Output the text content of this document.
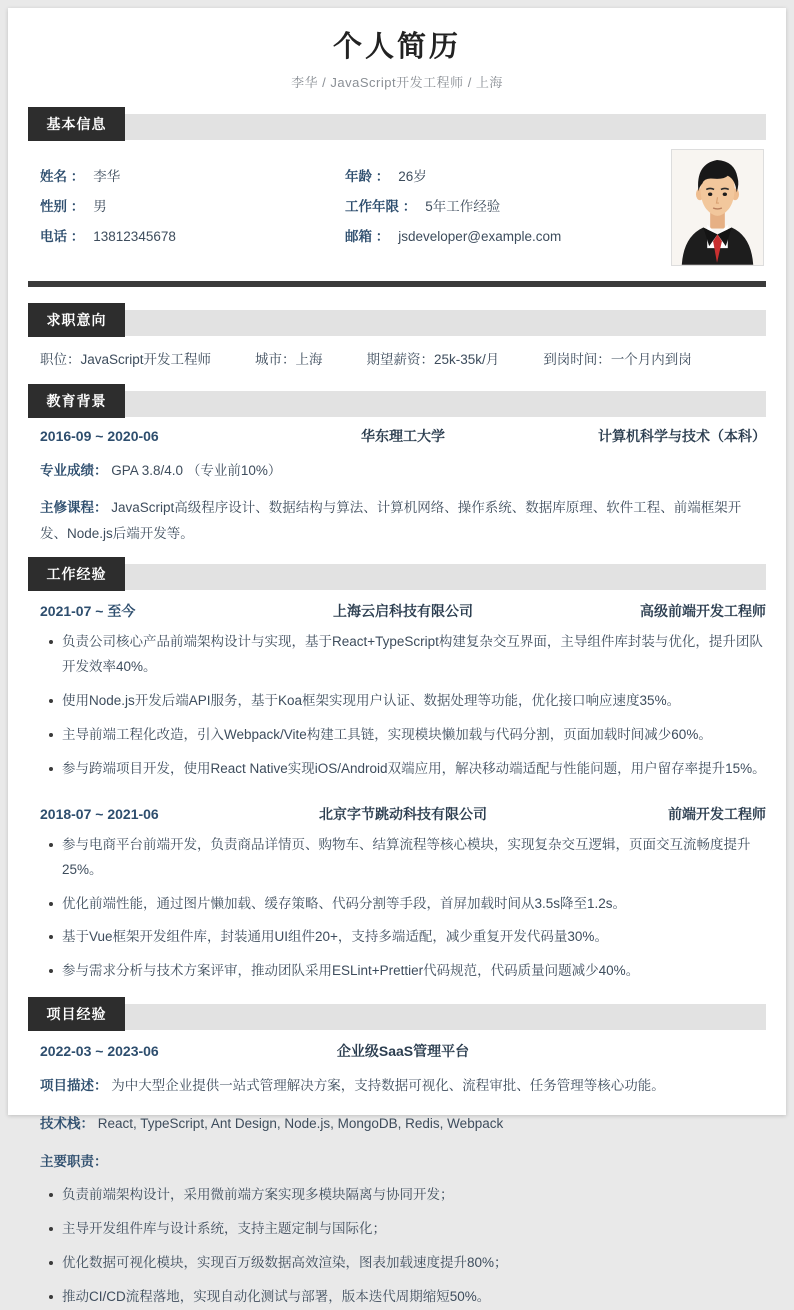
个人简历
李华 / JavaScript开发工程师 / 上海
基本信息
姓名 ： 李华	年龄 ： 26岁
性别 ： 男	工作年限 ： 5年工作经验
电话 ： 13812345678	邮箱 ： jsdeveloper@example.com
求职意向
职位： JavaScript开发工程师	城市： 上海	期望薪资： 25k-35k/月	到岗时间： 一个月内到岗
教育背景
2016-09 ~ 2020-06	华东理工大学	计算机科学与技术（本科）

专业成绩： GPA 3.8/4.0 （专业前10%）

主修课程： JavaScript高级程序设计、数据结构与算法、计算机网络、操作系统、数据库原理、软件工程、前端框架开发、Node.js后端开发等。

工作经验
2021-07 ~ 至今	上海云启科技有限公司	高级前端开发工程师
负责公司核心产品前端架构设计与实现，基于React+TypeScript构建复杂交互界面，主导组件库封装与优化，提升团队开发效率40%。
使用Node.js开发后端API服务，基于Koa框架实现用户认证、数据处理等功能，优化接口响应速度35%。
主导前端工程化改造，引入Webpack/Vite构建工具链，实现模块懒加载与代码分割，页面加载时间减少60%。
参与跨端项目开发，使用React Native实现iOS/Android双端应用，解决移动端适配与性能问题，用户留存率提升15%。
2018-07 ~ 2021-06	北京字节跳动科技有限公司	前端开发工程师
参与电商平台前端开发，负责商品详情页、购物车、结算流程等核心模块，实现复杂交互逻辑，页面交互流畅度提升25%。
优化前端性能，通过图片懒加载、缓存策略、代码分割等手段，首屏加载时间从3.5s降至1.2s。
基于Vue框架开发组件库，封装通用UI组件20+，支持多端适配，减少重复开发代码量30%。
参与需求分析与技术方案评审，推动团队采用ESLint+Prettier代码规范，代码质量问题减少40%。
项目经验
2022-03 ~ 2023-06	企业级SaaS管理平台

项目描述： 为中大型企业提供一站式管理解决方案，支持数据可视化、流程审批、任务管理等核心功能。

技术栈： React, TypeScript, Ant Design, Node.js, MongoDB, Redis, Webpack

主要职责：

负责前端架构设计，采用微前端方案实现多模块隔离与协同开发；
主导开发组件库与设计系统，支持主题定制与国际化；
优化数据可视化模块，实现百万级数据高效渲染，图表加载速度提升80%；
推动CI/CD流程落地，实现自动化测试与部署，版本迭代周期缩短50%。
